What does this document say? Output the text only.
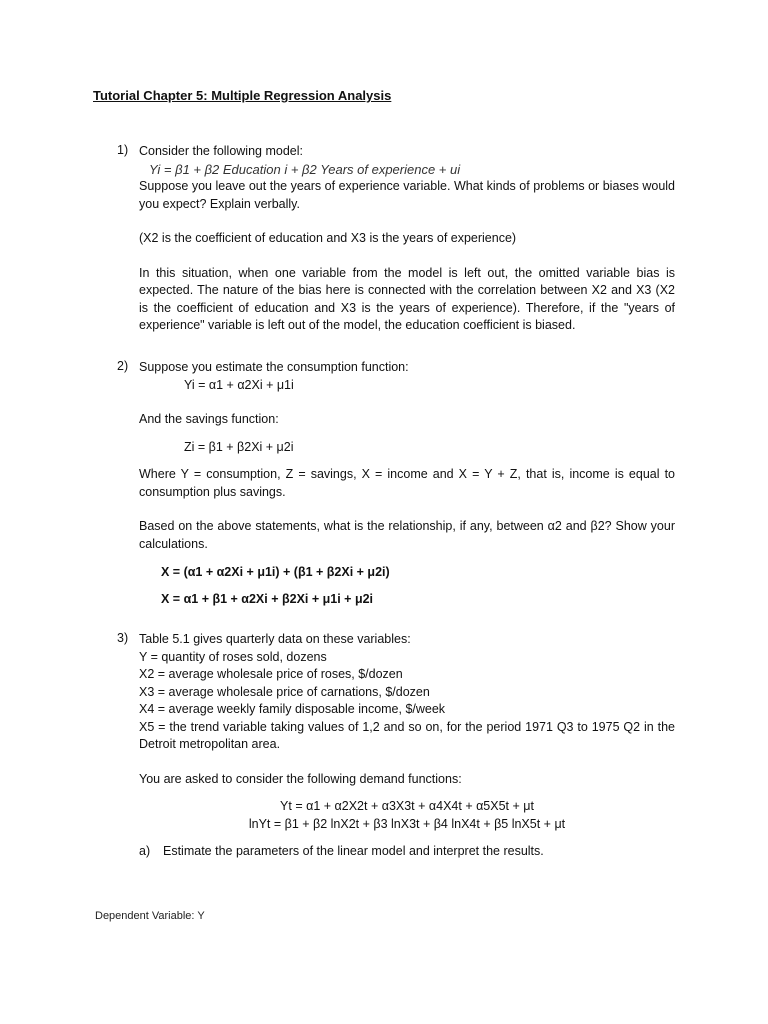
Tutorial Chapter 5: Multiple Regression Analysis
1) Consider the following model:

Yi = β1 + β2 Education i + β2 Years of experience + ui

Suppose you leave out the years of experience variable. What kinds of problems or biases would you expect? Explain verbally.

(X2 is the coefficient of education and X3 is the years of experience)

In this situation, when one variable from the model is left out, the omitted variable bias is expected. The nature of the bias here is connected with the correlation between X2 and X3 (X2 is the coefficient of education and X3 is the years of experience). Therefore, if the "years of experience" variable is left out of the model, the education coefficient is biased.

2) Suppose you estimate the consumption function:

Yi = α1 + α2Xi + μ1i

And the savings function:

Zi = β1 + β2Xi + μ2i

Where Y = consumption, Z = savings, X = income and X = Y + Z, that is, income is equal to consumption plus savings.

Based on the above statements, what is the relationship, if any, between α2 and β2? Show your calculations.

X = (α1 + α2Xi + μ1i) + (β1 + β2Xi + μ2i)

X = α1 + β1 + α2Xi + β2Xi + μ1i + μ2i

3) Table 5.1 gives quarterly data on these variables:

Y = quantity of roses sold, dozens

X2 = average wholesale price of roses, $/dozen

X3 = average wholesale price of carnations, $/dozen

X4 = average weekly family disposable income, $/week

X5 = the trend variable taking values of 1,2 and so on, for the period 1971 Q3 to 1975 Q2 in the Detroit metropolitan area.

You are asked to consider the following demand functions:

Yt = α1 + α2X2t + α3X3t + α4X4t + α5X5t + μt

lnYt = β1 + β2 lnX2t + β3 lnX3t + β4 lnX4t + β5 lnX5t + μt

a) Estimate the parameters of the linear model and interpret the results.

Dependent Variable: Y
